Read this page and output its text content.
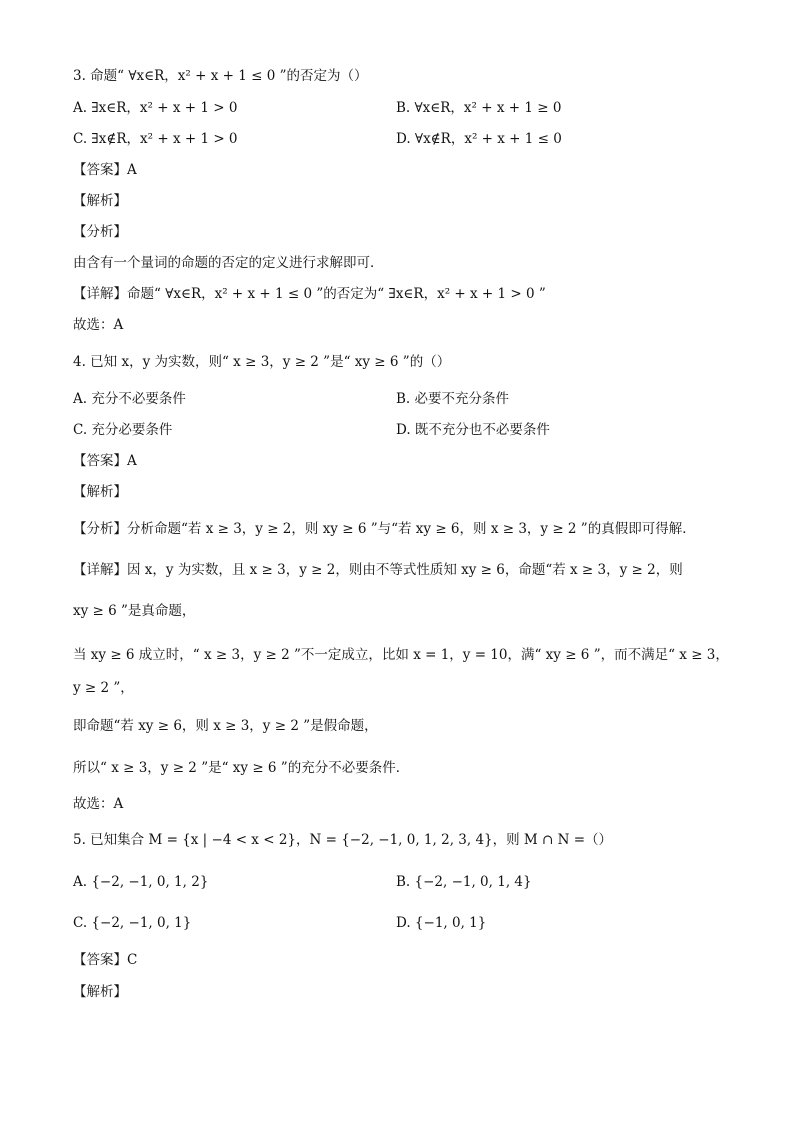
3. 命题“ ∀x∈R，x² + x + 1 ≤ 0 ”的否定为（）
A. ∃x∈R，x² + x + 1 > 0	B. ∀x∈R，x² + x + 1 ≥ 0
C. ∃x∉R，x² + x + 1 > 0	D. ∀x∉R，x² + x + 1 ≤ 0
【答案】A
【解析】
【分析】
由含有一个量词的命题的否定的定义进行求解即可．
【详解】命题“ ∀x∈R，x² + x + 1 ≤ 0 ”的否定为“ ∃x∈R，x² + x + 1 > 0 ”
故选：A
4. 已知 x，y 为实数，则“ x ≥ 3，y ≥ 2 ”是“ xy ≥ 6 ”的（）
A. 充分不必要条件	B. 必要不充分条件
C. 充分必要条件	D. 既不充分也不必要条件
【答案】A
【解析】
【分析】分析命题“若 x ≥ 3，y ≥ 2，则 xy ≥ 6 ”与“若 xy ≥ 6，则 x ≥ 3，y ≥ 2 ”的真假即可得解．
【详解】因 x，y 为实数，且 x ≥ 3，y ≥ 2，则由不等式性质知 xy ≥ 6，命题“若 x ≥ 3，y ≥ 2，则
xy ≥ 6 ”是真命题，
当 xy ≥ 6 成立时，“ x ≥ 3，y ≥ 2 ”不一定成立，比如 x = 1，y = 10，满“ xy ≥ 6 ”，而不满足“ x ≥ 3，
y ≥ 2 ”，
即命题“若 xy ≥ 6，则 x ≥ 3，y ≥ 2 ”是假命题，
所以“ x ≥ 3，y ≥ 2 ”是“ xy ≥ 6 ”的充分不必要条件．
故选：A
5. 已知集合 M = {x | −4 < x < 2}，N = {−2, −1, 0, 1, 2, 3, 4}，则 M ∩ N =（）
A. {−2, −1, 0, 1, 2}	B. {−2, −1, 0, 1, 4}
C. {−2, −1, 0, 1}	D. {−1, 0, 1}
【答案】C
【解析】
